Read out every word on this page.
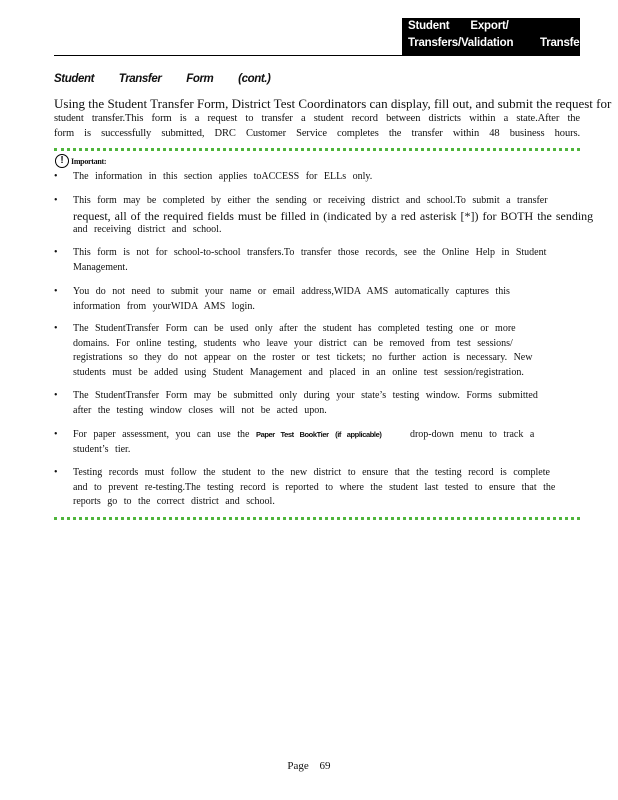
Student Export/
Transfers/Validation Transfe
Student Transfer Form (cont.)
Using the Student Transfer Form, District Test Coordinators can display, fill out, and submit the request for
student transfer.This form is a request to transfer a student record between districts within a state.After the
form is successfully submitted, DRC Customer Service completes the transfer within 48 business hours.
! Important:
• The information in this section applies toACCESS for ELLs only.
• This form may be completed by either the sending or receiving district and school.To submit a transfer
request, all of the required fields must be filled in (indicated by a red asterisk [*]) for BOTH the sending
and receiving district and school.
• This form is not for school-to-school transfers.To transfer those records, see the Online Help in Student
Management.
• You do not need to submit your name or email address,WIDA AMS automatically captures this
information from yourWIDA AMS login.
• The StudentTransfer Form can be used only after the student has completed testing one or more
domains. For online testing, students who leave your district can be removed from test sessions/
registrations so they do not appear on the roster or test tickets; no further action is necessary. New
students must be added using Student Management and placed in an online test session/registration.
• The StudentTransfer Form may be submitted only during your state’s testing window. Forms submitted
after the testing window closes will not be acted upon.
• For paper assessment, you can use the Paper Test BookTier (if applicable)	drop-down menu to track a
student’s tier.
• Testing records must follow the student to the new district to ensure that the testing record is complete
and to prevent re-testing.The testing record is reported to where the student last tested to ensure that the
reports go to the correct district and school.
Page 69
